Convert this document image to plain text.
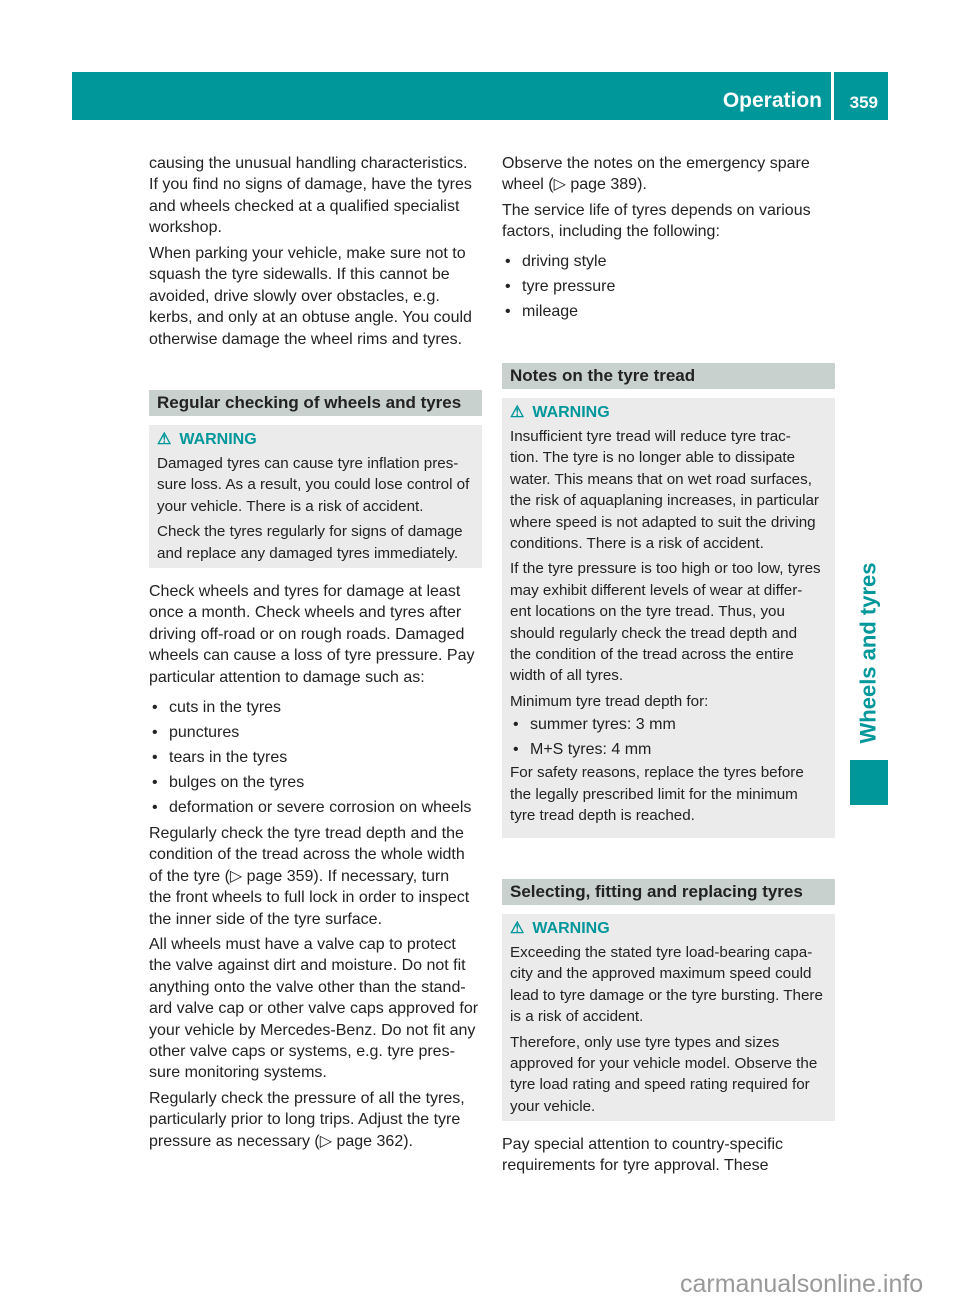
Operation 359
Wheels and tyres
causing the unusual handling characteristics.
If you find no signs of damage, have the tyres
and wheels checked at a qualified specialist
workshop.
When parking your vehicle, make sure not to
squash the tyre sidewalls. If this cannot be
avoided, drive slowly over obstacles, e.g.
kerbs, and only at an obtuse angle. You could
otherwise damage the wheel rims and tyres.
Regular checking of wheels and tyres
⚠ WARNING
Damaged tyres can cause tyre inflation pres-
sure loss. As a result, you could lose control of
your vehicle. There is a risk of accident.
Check the tyres regularly for signs of damage
and replace any damaged tyres immediately.
Check wheels and tyres for damage at least
once a month. Check wheels and tyres after
driving off-road or on rough roads. Damaged
wheels can cause a loss of tyre pressure. Pay
particular attention to damage such as:
• cuts in the tyres
• punctures
• tears in the tyres
• bulges on the tyres
• deformation or severe corrosion on wheels
Regularly check the tyre tread depth and the
condition of the tread across the whole width
of the tyre (▷ page 359). If necessary, turn
the front wheels to full lock in order to inspect
the inner side of the tyre surface.
All wheels must have a valve cap to protect
the valve against dirt and moisture. Do not fit
anything onto the valve other than the stand-
ard valve cap or other valve caps approved for
your vehicle by Mercedes-Benz. Do not fit any
other valve caps or systems, e.g. tyre pres-
sure monitoring systems.
Regularly check the pressure of all the tyres,
particularly prior to long trips. Adjust the tyre
pressure as necessary (▷ page 362).
Observe the notes on the emergency spare
wheel (▷ page 389).
The service life of tyres depends on various
factors, including the following:
• driving style
• tyre pressure
• mileage
Notes on the tyre tread
⚠ WARNING
Insufficient tyre tread will reduce tyre trac-
tion. The tyre is no longer able to dissipate
water. This means that on wet road surfaces,
the risk of aquaplaning increases, in particular
where speed is not adapted to suit the driving
conditions. There is a risk of accident.
If the tyre pressure is too high or too low, tyres
may exhibit different levels of wear at differ-
ent locations on the tyre tread. Thus, you
should regularly check the tread depth and
the condition of the tread across the entire
width of all tyres.
Minimum tyre tread depth for:
• summer tyres: 3 mm
• M+S tyres: 4 mm
For safety reasons, replace the tyres before
the legally prescribed limit for the minimum
tyre tread depth is reached.
Selecting, fitting and replacing tyres
⚠ WARNING
Exceeding the stated tyre load-bearing capa-
city and the approved maximum speed could
lead to tyre damage or the tyre bursting. There
is a risk of accident.
Therefore, only use tyre types and sizes
approved for your vehicle model. Observe the
tyre load rating and speed rating required for
your vehicle.
Pay special attention to country-specific
requirements for tyre approval. These
carmanualsonline.info
